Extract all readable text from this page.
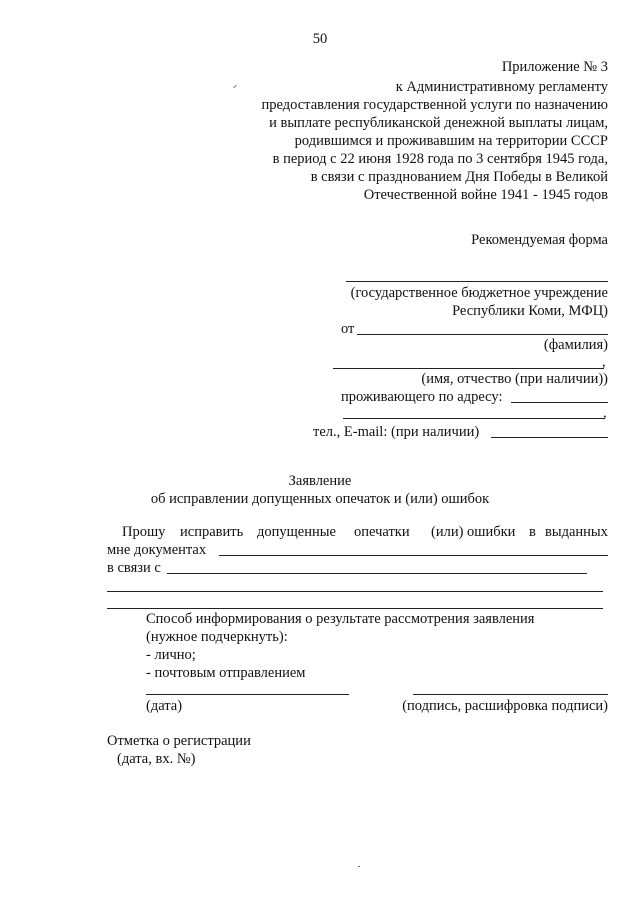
50
Приложение № 3
к Административному регламенту
предоставления государственной услуги по назначению
и выплате республиканской денежной выплаты лицам,
родившимся и проживавшим на территории СССР
в период с 22 июня 1928 года по 3 сентября 1945 года,
в связи с празднованием Дня Победы в Великой
Отечественной войне 1941 - 1945 годов
Рекомендуемая форма
(государственное бюджетное учреждение
Республики Коми, МФЦ)
от
(фамилия)
,
(имя, отчество (при наличии))
проживающего по адресу:
,
тел., E-mail: (при наличии)
Заявление
об исправлении допущенных опечаток и (или) ошибок
Прошу исправить допущенные опечатки (или) ошибки в выданных
мне документах
в связи с
Способ информирования о результате рассмотрения заявления
(нужное подчеркнуть):
- лично;
- почтовым отправлением
(дата)	(подпись, расшифровка подписи)
Отметка о регистрации
(дата, вх. №)
